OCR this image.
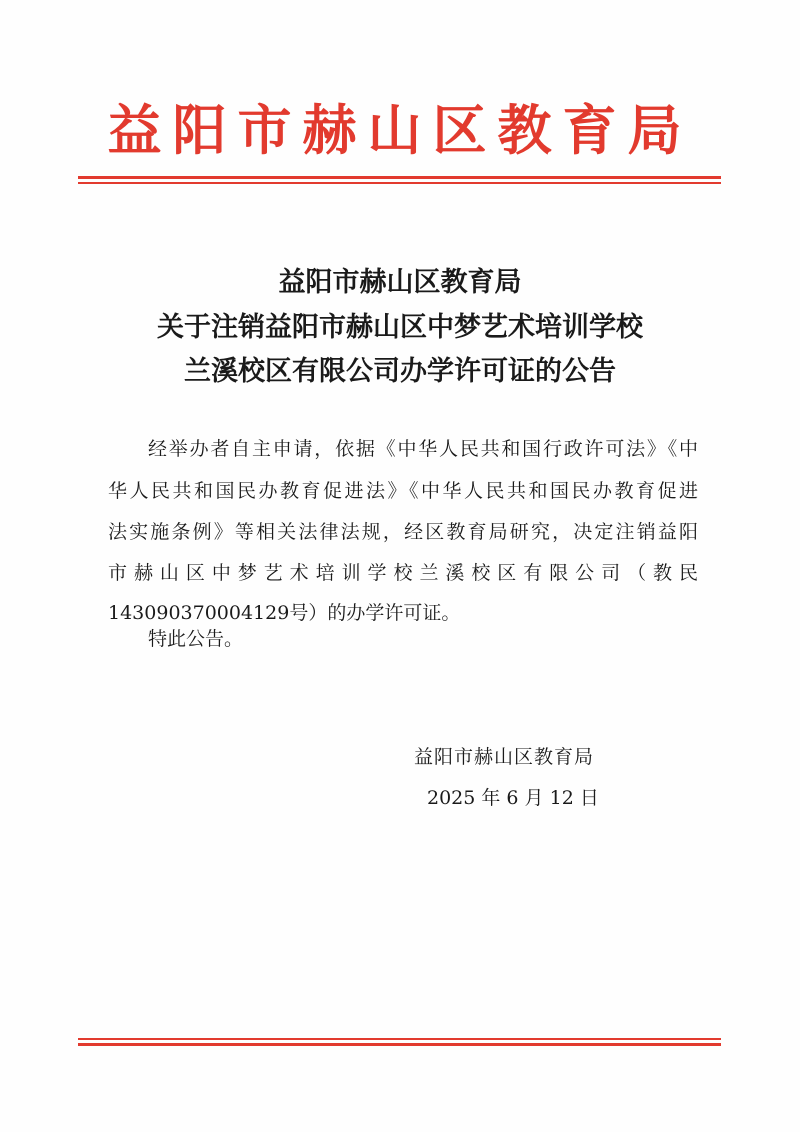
益阳市赫山区教育局
益阳市赫山区教育局
关于注销益阳市赫山区中梦艺术培训学校
兰溪校区有限公司办学许可证的公告
经举办者自主申请，依据《中华人民共和国行政许可法》《中
华人民共和国民办教育促进法》《中华人民共和国民办教育促进
法实施条例》等相关法律法规，经区教育局研究，决定注销益阳
市赫山区中梦艺术培训学校兰溪校区有限公司（教民
143090370004129号）的办学许可证。
特此公告。
益阳市赫山区教育局
2025 年 6 月 12 日
